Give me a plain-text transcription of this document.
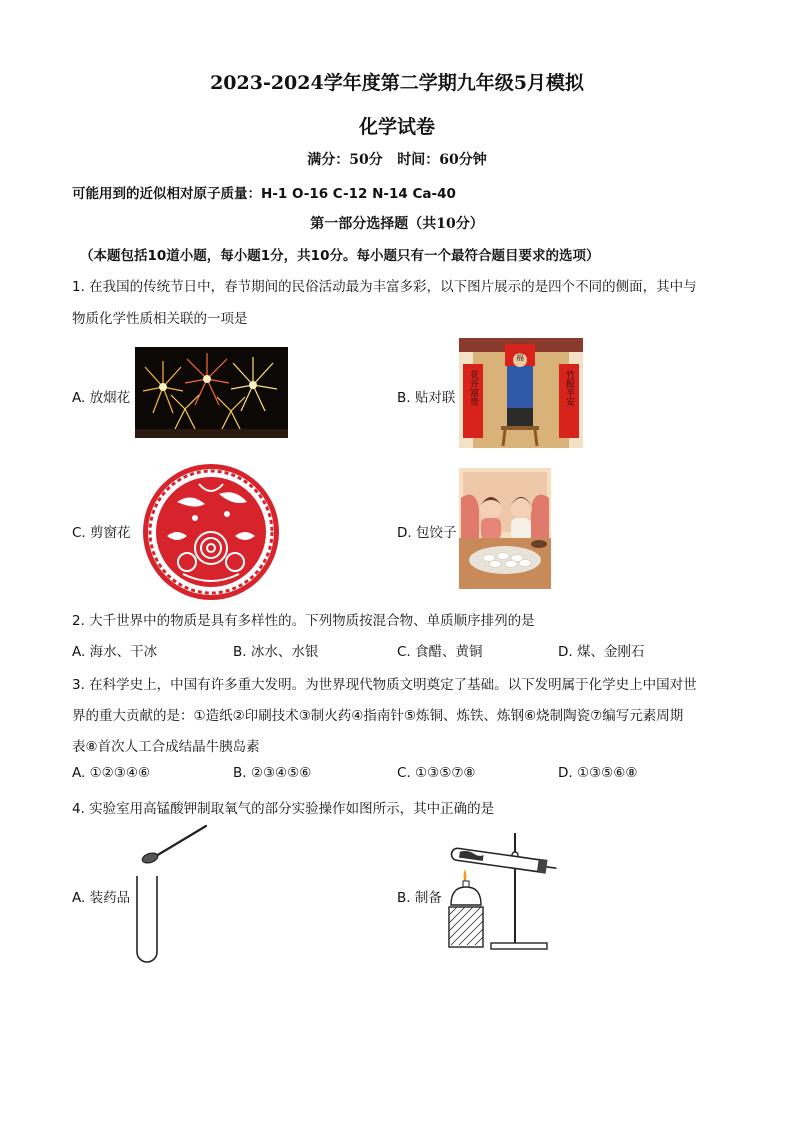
2023-2024学年度第二学期九年级5月模拟
化学试卷
满分：50分   时间：60分钟
可能用到的近似相对原子质量：H-1 O-16 C-12 N-14 Ca-40
第一部分选择题（共10分）
（本题包括10道小题，每小题1分，共10分。每小题只有一个最符合题目要求的选项）
1. 在我国的传统节日中，春节期间的民俗活动最为丰富多彩，以下图片展示的是四个不同的侧面，其中与
物质化学性质相关联的一项是
A. 放烟花	B. 贴对联
福
花开富贵	竹报平安
C. 剪窗花	D. 包饺子
2. 大千世界中的物质是具有多样性的。下列物质按混合物、单质顺序排列的是
A. 海水、干冰	B. 冰水、水银	C. 食醋、黄铜	D. 煤、金刚石
3. 在科学史上，中国有许多重大发明。为世界现代物质文明奠定了基础。以下发明属于化学史上中国对世
界的重大贡献的是：①造纸②印刷技术③制火药④指南针⑤炼铜、炼铁、炼钢⑥烧制陶瓷⑦编写元素周期
表⑧首次人工合成结晶牛胰岛素
A. ①②③④⑥	B. ②③④⑤⑥	C. ①③⑤⑦⑧	D. ①③⑤⑥⑧
4. 实验室用高锰酸钾制取氧气的部分实验操作如图所示，其中正确的是
A. 装药品	B. 制备
